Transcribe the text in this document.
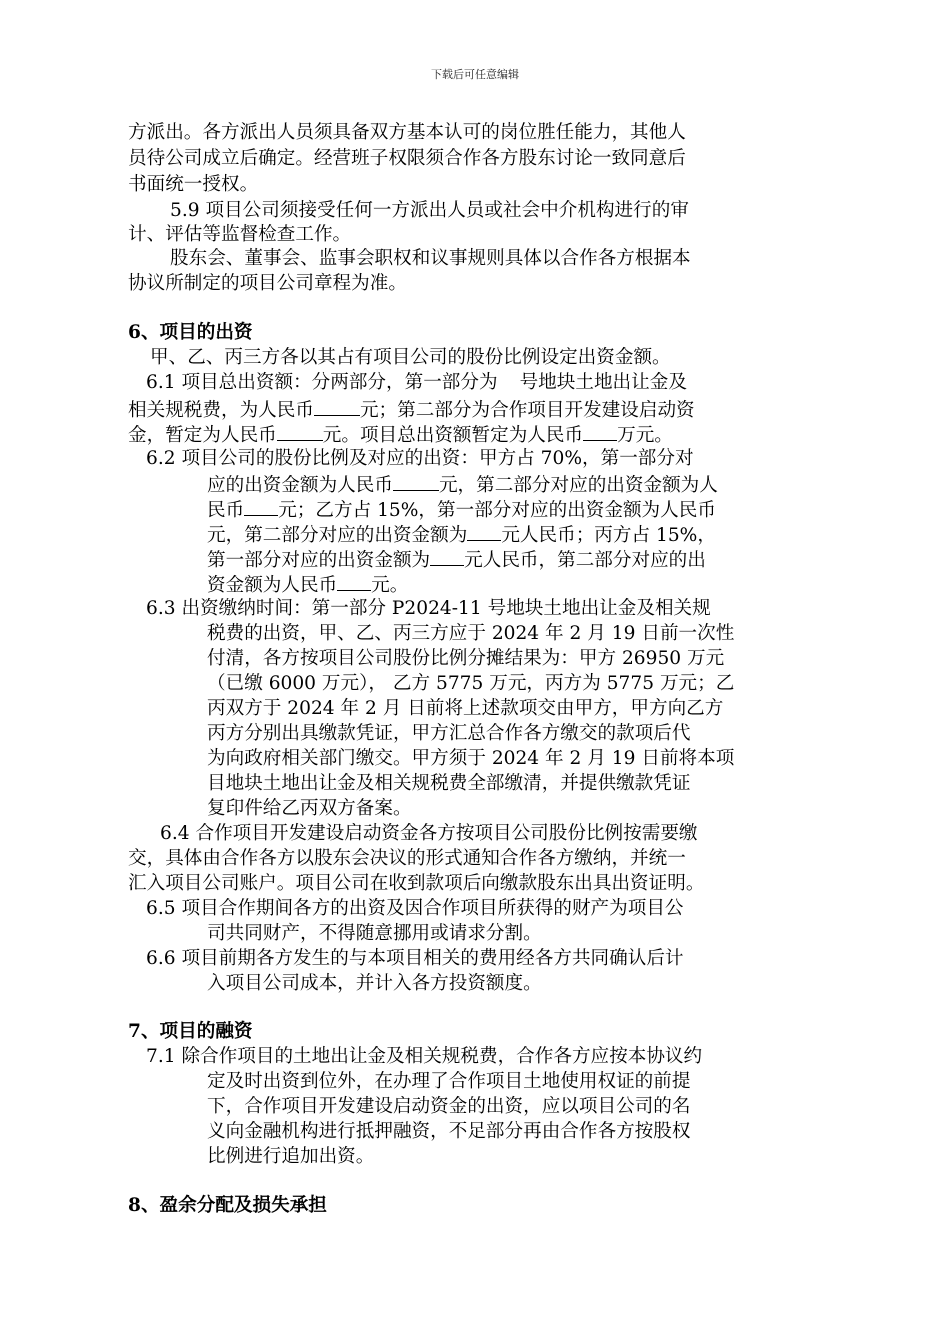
下载后可任意编辑
方派出。各方派出人员须具备双方基本认可的岗位胜任能力，其他人
员待公司成立后确定。经营班子权限须合作各方股东讨论一致同意后
书面统一授权。
5.9 项目公司须接受任何一方派出人员或社会中介机构进行的审
计、评估等监督检查工作。
股东会、董事会、监事会职权和议事规则具体以合作各方根据本
协议所制定的项目公司章程为准。
6、项目的出资
甲、乙、丙三方各以其占有项目公司的股份比例设定出资金额。
6.1 项目总出资额：分两部分，第一部分为 号地块土地出让金及
相关规税费，为人民币 元；第二部分为合作项目开发建设启动资
金，暂定为人民币 元。项目总出资额暂定为人民币 万元。
6.2 项目公司的股份比例及对应的出资：甲方占 70%，第一部分对
应的出资金额为人民币 元，第二部分对应的出资金额为人
民币 元；乙方占 15%，第一部分对应的出资金额为人民币
元，第二部分对应的出资金额为 元人民币；丙方占 15%，
第一部分对应的出资金额为 元人民币，第二部分对应的出
资金额为人民币 元。
6.3 出资缴纳时间：第一部分 P2024-11 号地块土地出让金及相关规
税费的出资，甲、乙、丙三方应于 2024 年 2 月 19 日前一次性
付清，各方按项目公司股份比例分摊结果为：甲方 26950 万元
（已缴 6000 万元）， 乙方 5775 万元，丙方为 5775 万元；乙
丙双方于 2024 年 2 月 日前将上述款项交由甲方，甲方向乙方
丙方分别出具缴款凭证，甲方汇总合作各方缴交的款项后代
为向政府相关部门缴交。甲方须于 2024 年 2 月 19 日前将本项
目地块土地出让金及相关规税费全部缴清，并提供缴款凭证
复印件给乙丙双方备案。
6.4 合作项目开发建设启动资金各方按项目公司股份比例按需要缴
交，具体由合作各方以股东会决议的形式通知合作各方缴纳，并统一
汇入项目公司账户。项目公司在收到款项后向缴款股东出具出资证明。
6.5 项目合作期间各方的出资及因合作项目所获得的财产为项目公
司共同财产，不得随意挪用或请求分割。
6.6 项目前期各方发生的与本项目相关的费用经各方共同确认后计
入项目公司成本，并计入各方投资额度。
7、项目的融资
7.1 除合作项目的土地出让金及相关规税费，合作各方应按本协议约
定及时出资到位外，在办理了合作项目土地使用权证的前提
下，合作项目开发建设启动资金的出资，应以项目公司的名
义向金融机构进行抵押融资，不足部分再由合作各方按股权
比例进行追加出资。
8、盈余分配及损失承担
